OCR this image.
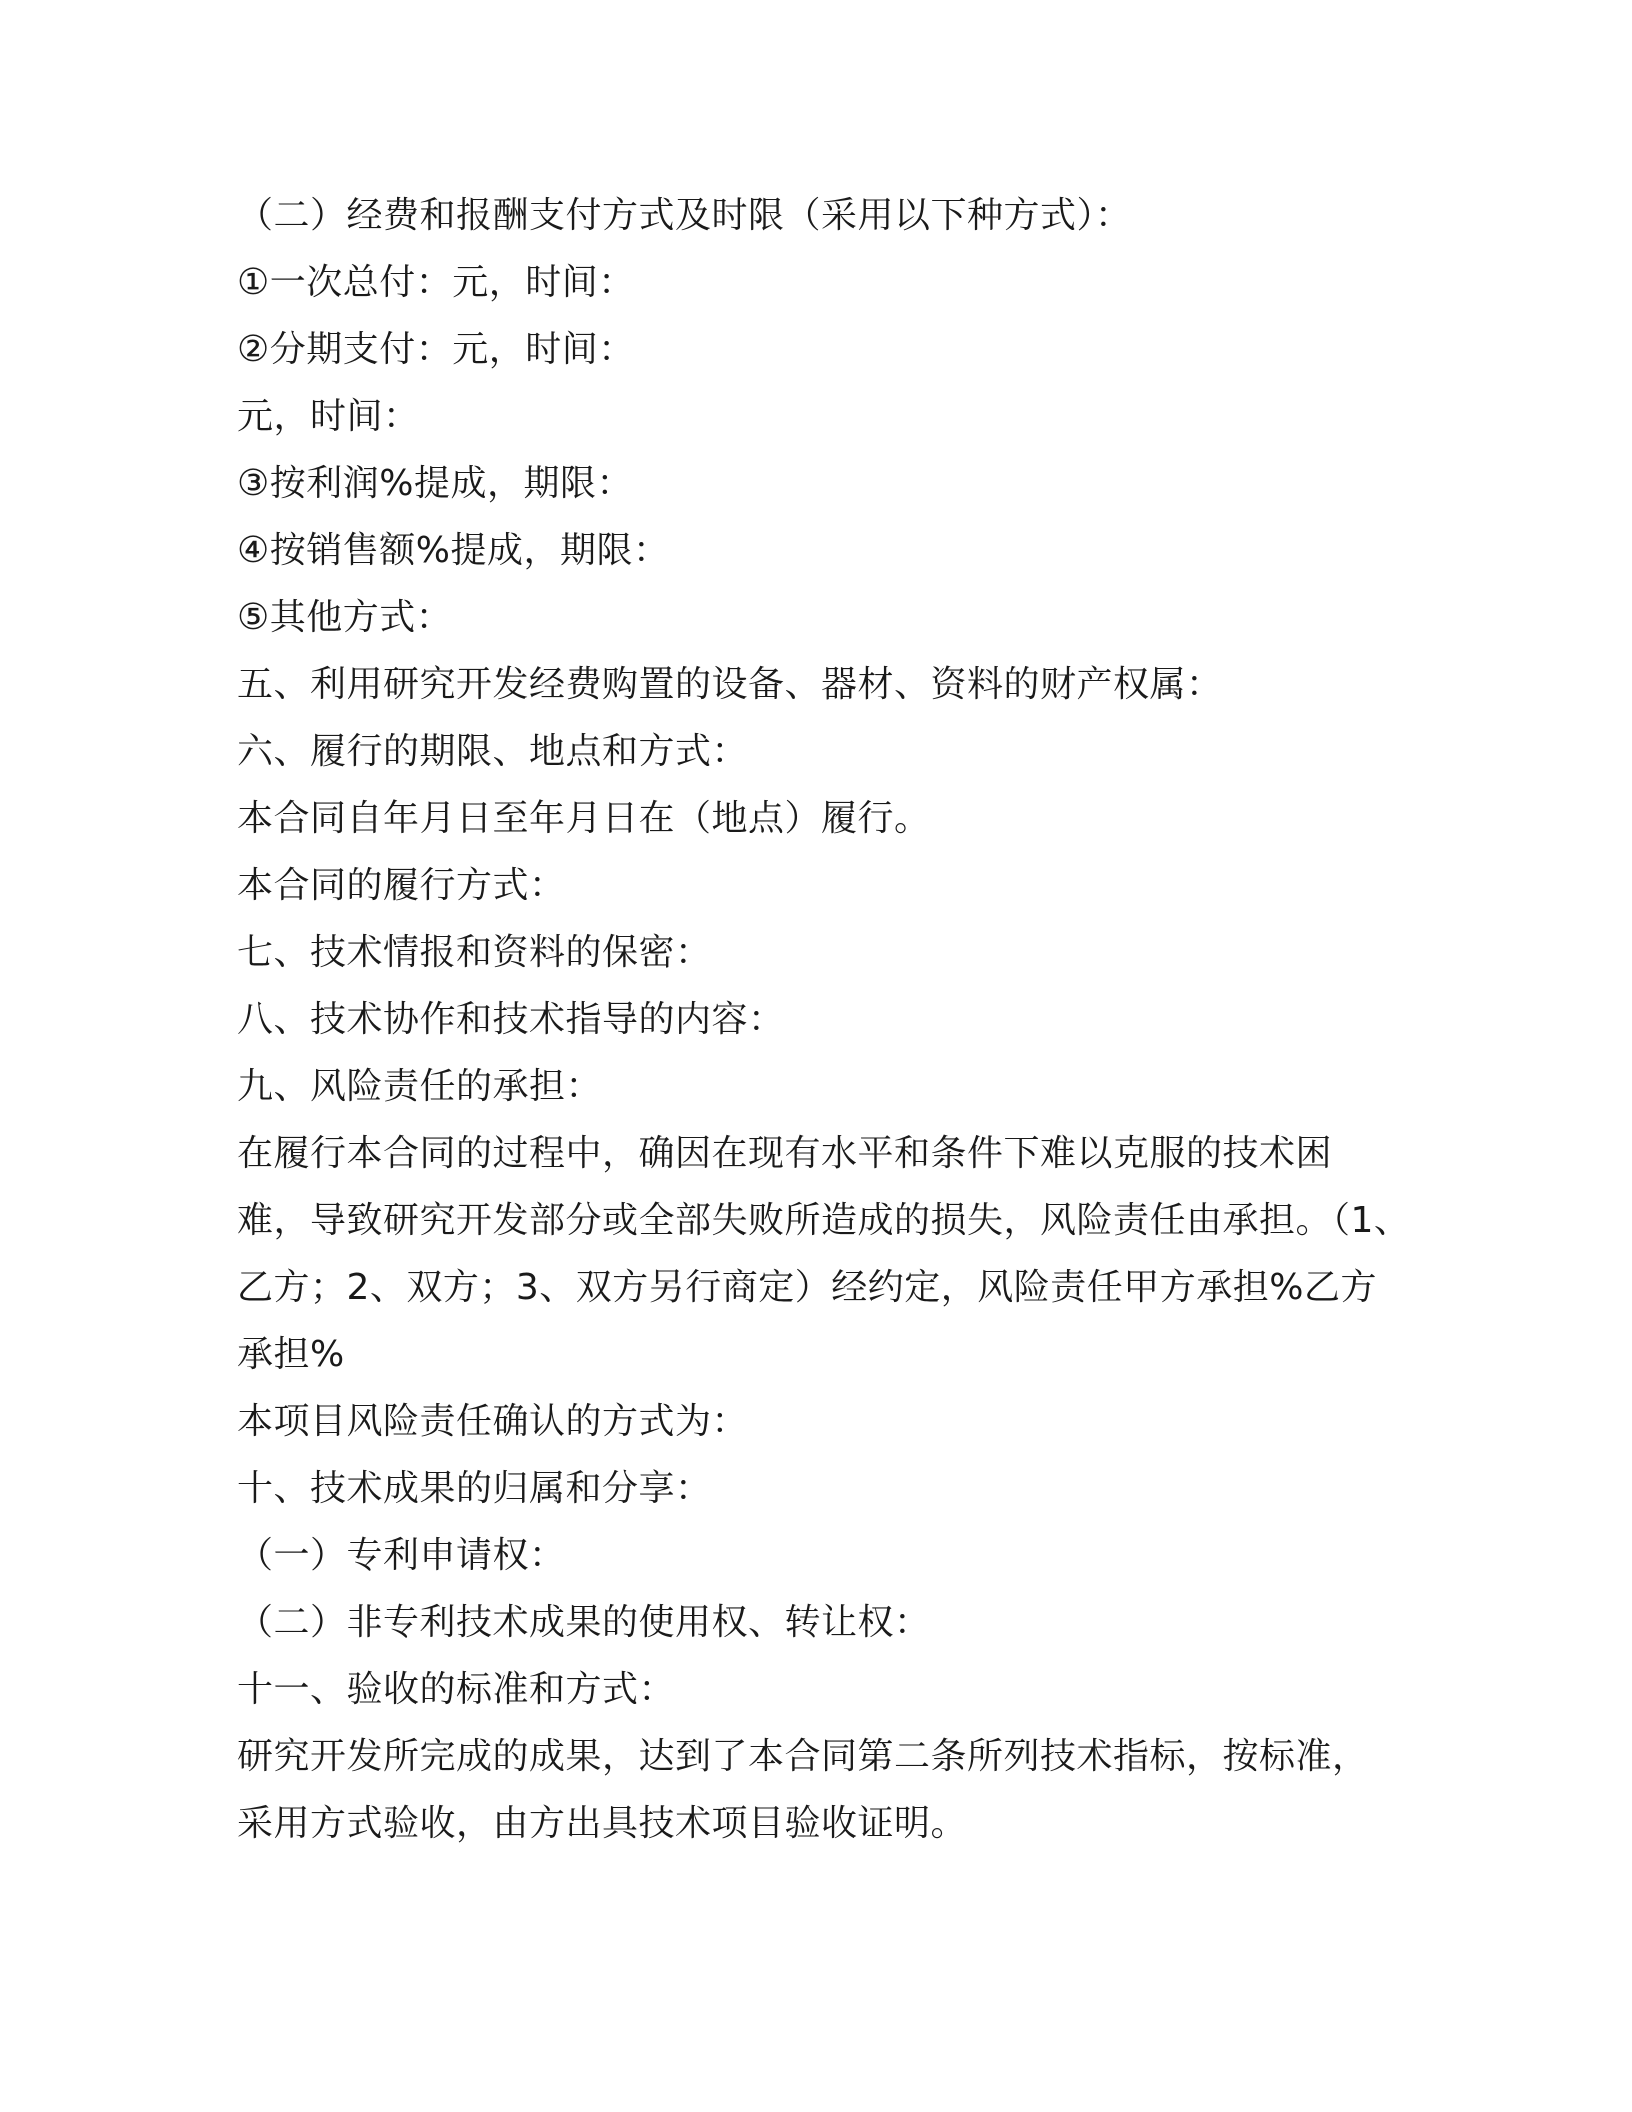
（二）经费和报酬支付方式及时限（采用以下种方式）：
①一次总付：元，时间：
②分期支付：元，时间：
元，时间：
③按利润%提成，期限：
④按销售额%提成，期限：
⑤其他方式：
五、利用研究开发经费购置的设备、器材、资料的财产权属：
六、履行的期限、地点和方式：
本合同自年月日至年月日在（地点）履行。
本合同的履行方式：
七、技术情报和资料的保密：
八、技术协作和技术指导的内容：
九、风险责任的承担：
在履行本合同的过程中，确因在现有水平和条件下难以克服的技术困
难，导致研究开发部分或全部失败所造成的损失，风险责任由承担。（1、
乙方；2、双方；3、双方另行商定）经约定，风险责任甲方承担%乙方
承担%
本项目风险责任确认的方式为：
十、技术成果的归属和分享：
（一）专利申请权：
（二）非专利技术成果的使用权、转让权：
十一、验收的标准和方式：
研究开发所完成的成果，达到了本合同第二条所列技术指标，按标准，
采用方式验收，由方出具技术项目验收证明。
